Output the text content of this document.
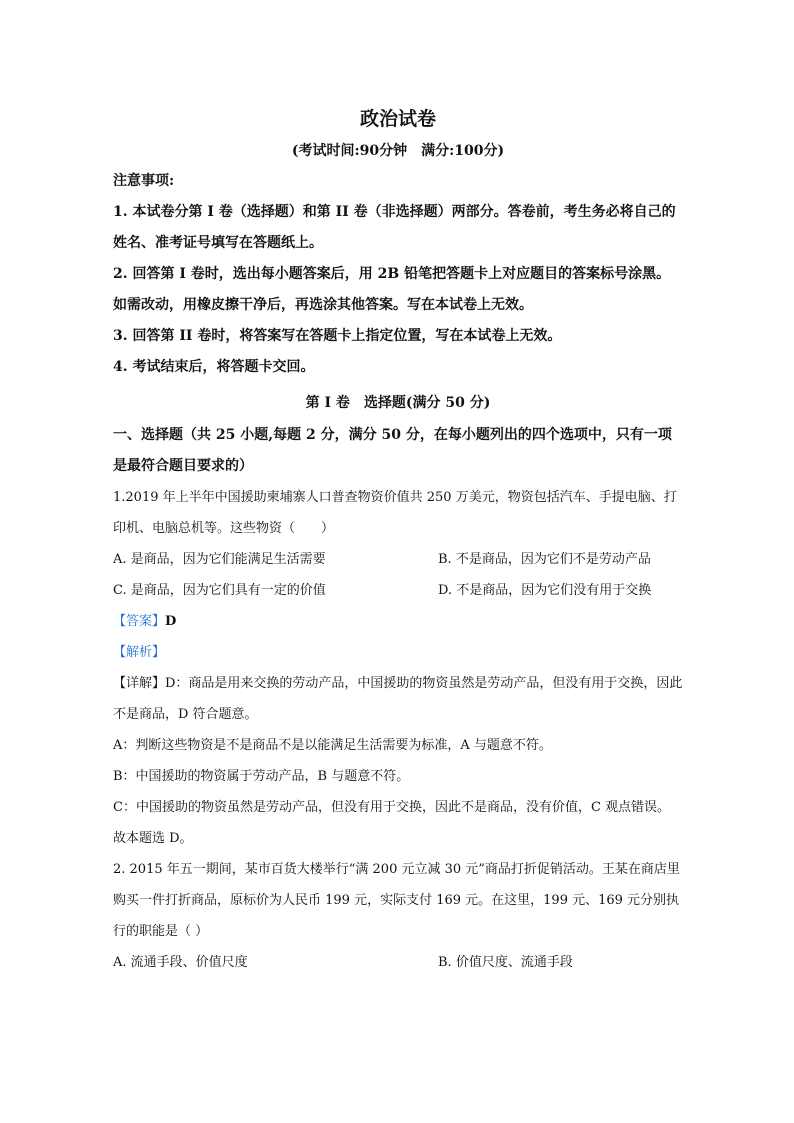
政治试卷
(考试时间:90分钟　满分:100分)
注意事项:
1. 本试卷分第 I 卷（选择题）和第 II 卷（非选择题）两部分。答卷前，考生务必将自己的姓名、准考证号填写在答题纸上。
2. 回答第 I 卷时，选出每小题答案后，用 2B 铅笔把答题卡上对应题目的答案标号涂黑。如需改动，用橡皮擦干净后，再选涂其他答案。写在本试卷上无效。
3. 回答第 II 卷时，将答案写在答题卡上指定位置，写在本试卷上无效。
4. 考试结束后，将答题卡交回。
第 I 卷　选择题(满分 50 分)
一、选择题（共 25 小题,每题 2 分，满分 50 分，在每小题列出的四个选项中，只有一项是最符合题目要求的）
1.2019 年上半年中国援助柬埔寨人口普查物资价值共 250 万美元，物资包括汽车、手提电脑、打印机、电脑总机等。这些物资（　　）
A. 是商品，因为它们能满足生活需要	B. 不是商品，因为它们不是劳动产品
C. 是商品，因为它们具有一定的价值	D. 不是商品，因为它们没有用于交换
【答案】D
【解析】
【详解】D：商品是用来交换的劳动产品，中国援助的物资虽然是劳动产品，但没有用于交换，因此不是商品，D 符合题意。
A：判断这些物资是不是商品不是以能满足生活需要为标准，A 与题意不符。
B：中国援助的物资属于劳动产品，B 与题意不符。
C：中国援助的物资虽然是劳动产品，但没有用于交换，因此不是商品，没有价值，C 观点错误。
故本题选 D。
2. 2015 年五一期间，某市百货大楼举行“满 200 元立减 30 元”商品打折促销活动。王某在商店里购买一件打折商品，原标价为人民币 199 元，实际支付 169 元。在这里，199 元、169 元分别执行的职能是（ ）
A. 流通手段、价值尺度	B. 价值尺度、流通手段
